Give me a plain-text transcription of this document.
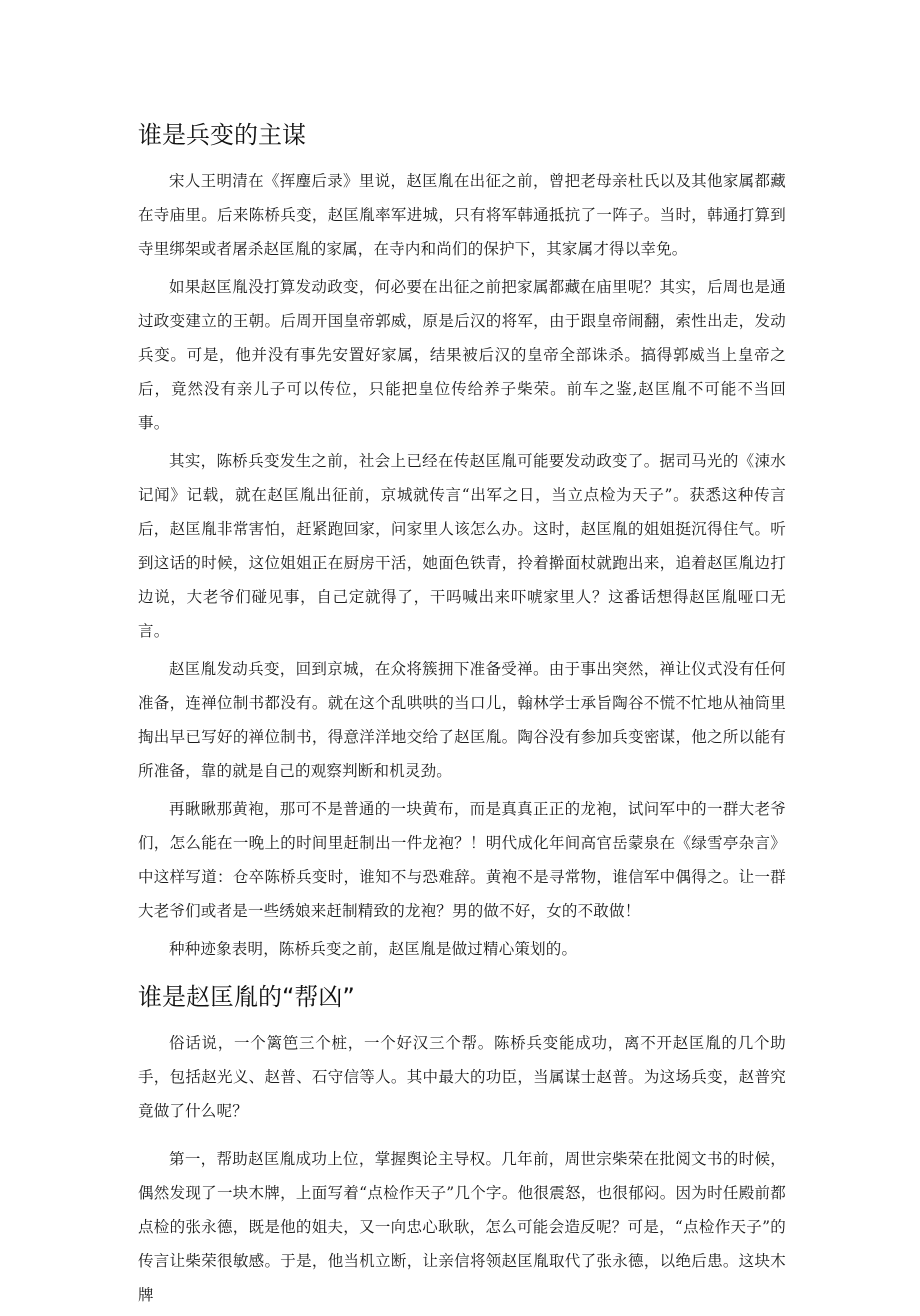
谁是兵变的主谋

宋人王明清在《挥麈后录》里说，赵匡胤在出征之前，曾把老母亲杜氏以及其他家属都藏在寺庙里。后来陈桥兵变，赵匡胤率军进城，只有将军韩通抵抗了一阵子。当时，韩通打算到寺里绑架或者屠杀赵匡胤的家属，在寺内和尚们的保护下，其家属才得以幸免。

如果赵匡胤没打算发动政变，何必要在出征之前把家属都藏在庙里呢？其实，后周也是通过政变建立的王朝。后周开国皇帝郭威，原是后汉的将军，由于跟皇帝闹翻，索性出走，发动兵变。可是，他并没有事先安置好家属，结果被后汉的皇帝全部诛杀。搞得郭威当上皇帝之后，竟然没有亲儿子可以传位，只能把皇位传给养子柴荣。前车之鉴,赵匡胤不可能不当回事。

其实，陈桥兵变发生之前，社会上已经在传赵匡胤可能要发动政变了。据司马光的《涑水记闻》记载，就在赵匡胤出征前，京城就传言“出军之日，当立点检为天子”。获悉这种传言后，赵匡胤非常害怕，赶紧跑回家，问家里人该怎么办。这时，赵匡胤的姐姐挺沉得住气。听到这话的时候，这位姐姐正在厨房干活，她面色铁青，拎着擀面杖就跑出来，追着赵匡胤边打边说，大老爷们碰见事，自己定就得了，干吗喊出来吓唬家里人？这番话想得赵匡胤哑口无言。

赵匡胤发动兵变，回到京城，在众将簇拥下准备受禅。由于事出突然，禅让仪式没有任何准备，连禅位制书都没有。就在这个乱哄哄的当口儿，翰林学士承旨陶谷不慌不忙地从袖筒里掏出早已写好的禅位制书，得意洋洋地交给了赵匡胤。陶谷没有参加兵变密谋，他之所以能有所准备，靠的就是自己的观察判断和机灵劲。

再瞅瞅那黄袍，那可不是普通的一块黄布，而是真真正正的龙袍，试问军中的一群大老爷们，怎么能在一晚上的时间里赶制出一件龙袍？！明代成化年间高官岳蒙泉在《绿雪亭杂言》中这样写道：仓卒陈桥兵变时，谁知不与恐难辞。黄袍不是寻常物，谁信军中偶得之。让一群大老爷们或者是一些绣娘来赶制精致的龙袍？男的做不好，女的不敢做！

种种迹象表明，陈桥兵变之前，赵匡胤是做过精心策划的。

谁是赵匡胤的“帮凶”

俗话说，一个篱笆三个桩，一个好汉三个帮。陈桥兵变能成功，离不开赵匡胤的几个助手，包括赵光义、赵普、石守信等人。其中最大的功臣，当属谋士赵普。为这场兵变，赵普究竟做了什么呢？

第一，帮助赵匡胤成功上位，掌握舆论主导权。几年前，周世宗柴荣在批阅文书的时候，偶然发现了一块木牌，上面写着“点检作天子”几个字。他很震怒，也很郁闷。因为时任殿前都点检的张永德，既是他的姐夫，又一向忠心耿耿，怎么可能会造反呢？可是，“点检作天子”的传言让柴荣很敏感。于是，他当机立断，让亲信将领赵匡胤取代了张永德，以绝后患。这块木牌
